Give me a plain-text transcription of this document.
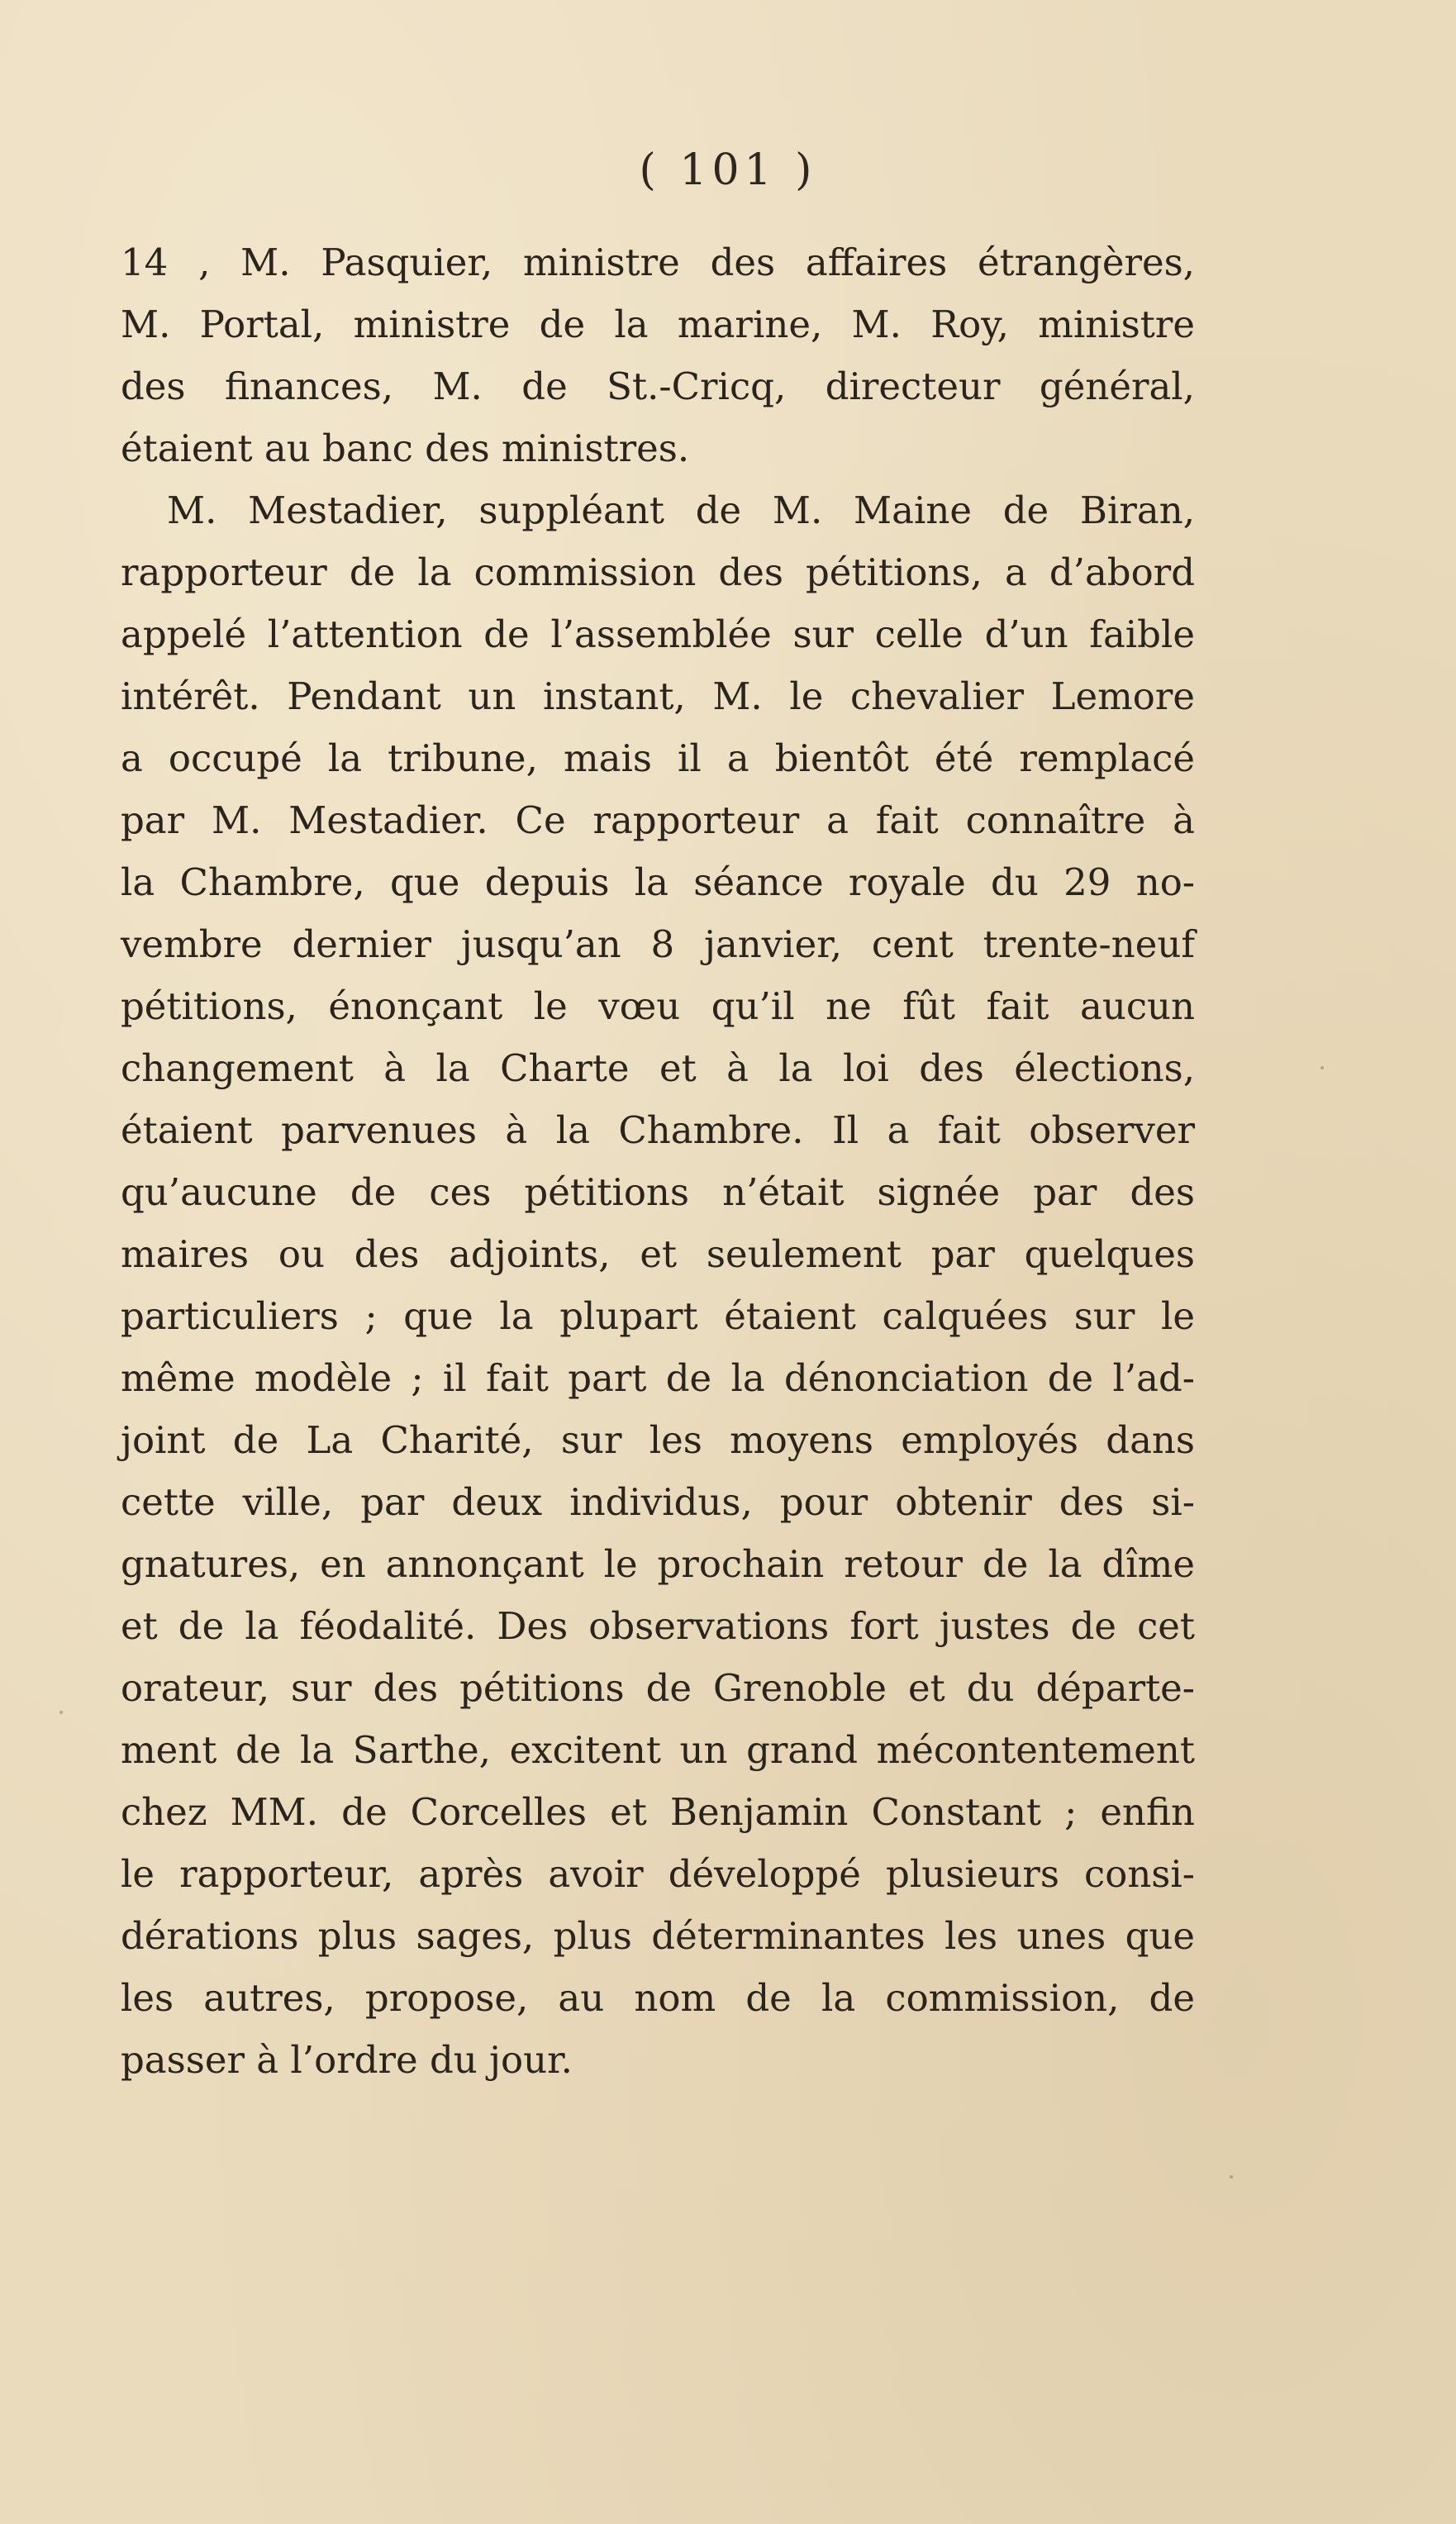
( 101 )
14 , M. Pasquier, ministre des affaires étrangères,
M. Portal, ministre de la marine, M. Roy, ministre
des finances, M. de St.-Cricq, directeur général,
étaient au banc des ministres.
M. Mestadier, suppléant de M. Maine de Biran,
rapporteur de la commission des pétitions, a d’abord
appelé l’attention de l’assemblée sur celle d’un faible
intérêt. Pendant un instant, M. le chevalier Lemore
a occupé la tribune, mais il a bientôt été remplacé
par M. Mestadier. Ce rapporteur a fait connaître à
la Chambre, que depuis la séance royale du 29 no-
vembre dernier jusqu’an 8 janvier, cent trente-neuf
pétitions, énonçant le vœu qu’il ne fût fait aucun
changement à la Charte et à la loi des élections,
étaient parvenues à la Chambre. Il a fait observer
qu’aucune de ces pétitions n’était signée par des
maires ou des adjoints, et seulement par quelques
particuliers ; que la plupart étaient calquées sur le
même modèle ; il fait part de la dénonciation de l’ad-
joint de La Charité, sur les moyens employés dans
cette ville, par deux individus, pour obtenir des si-
gnatures, en annonçant le prochain retour de la dîme
et de la féodalité. Des observations fort justes de cet
orateur, sur des pétitions de Grenoble et du départe-
ment de la Sarthe, excitent un grand mécontentement
chez MM. de Corcelles et Benjamin Constant ; enfin
le rapporteur, après avoir développé plusieurs consi-
dérations plus sages, plus déterminantes les unes que
les autres, propose, au nom de la commission, de
passer à l’ordre du jour.
